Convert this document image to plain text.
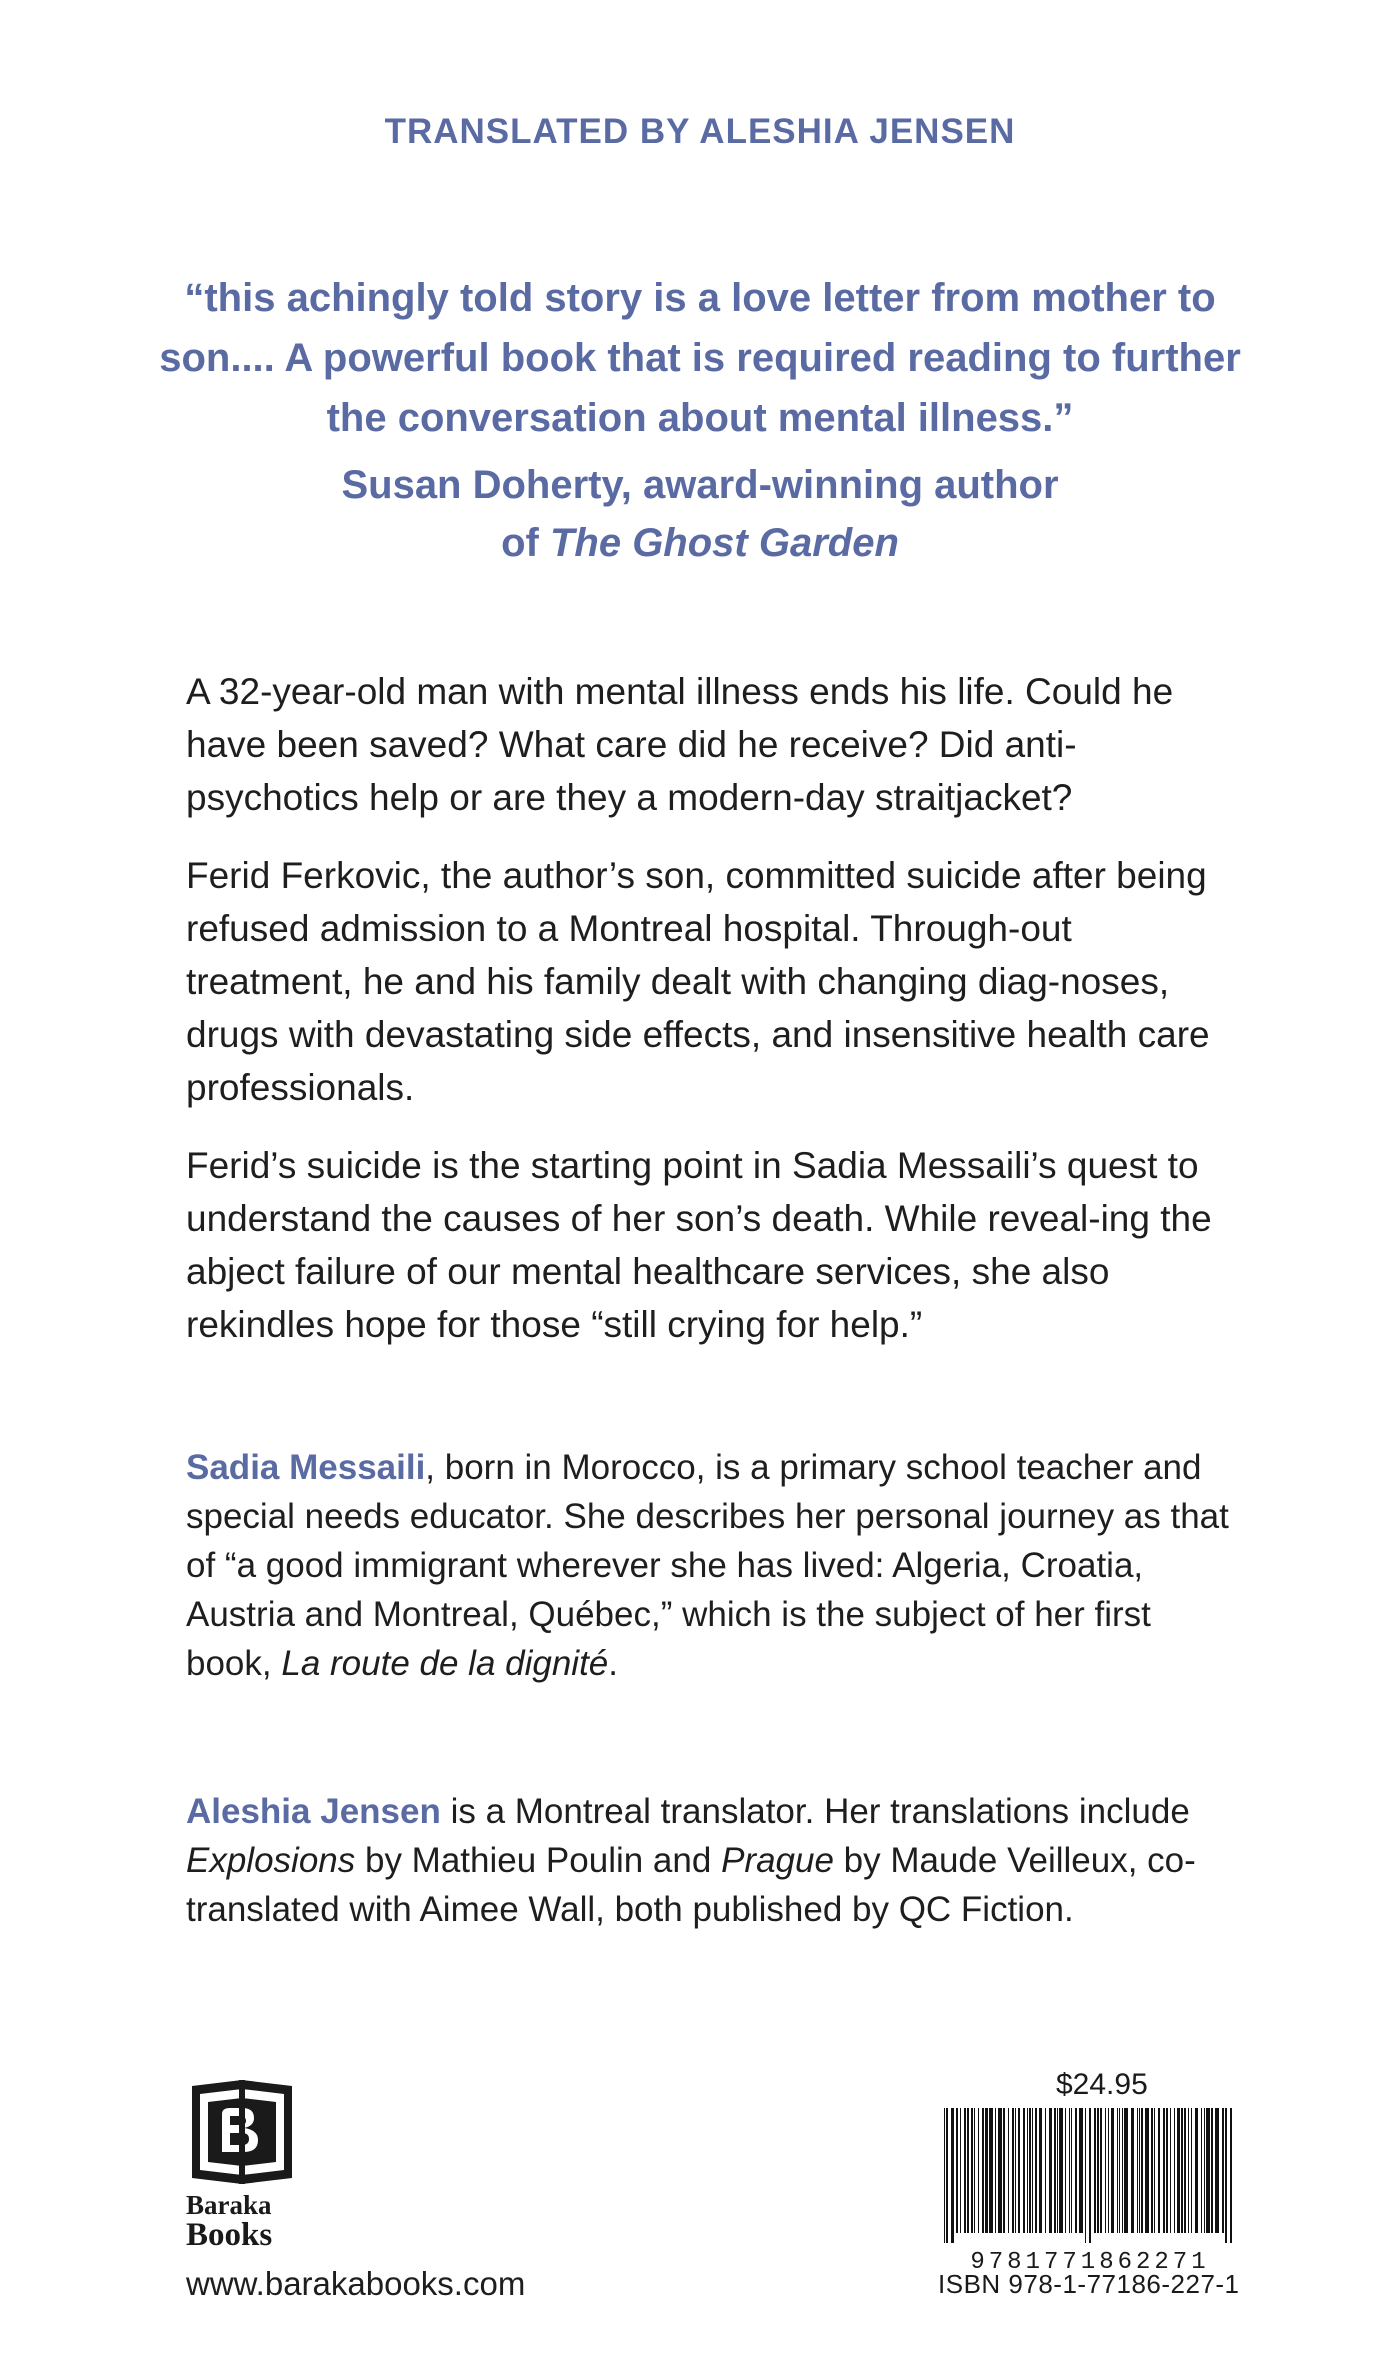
TRANSLATED BY ALESHIA JENSEN
“this achingly told story is a love letter from mother to son.... A powerful book that is required reading to further the conversation about mental illness.”
Susan Doherty, award-winning author
of The Ghost Garden

A 32-year-old man with mental illness ends his life. Could he have been saved? What care did he receive? Did anti-psychotics help or are they a modern-day straitjacket?

Ferid Ferkovic, the author’s son, committed suicide after being refused admission to a Montreal hospital. Through-out treatment, he and his family dealt with changing diag-noses, drugs with devastating side effects, and insensitive health care professionals.

Ferid’s suicide is the starting point in Sadia Messaili’s quest to understand the causes of her son’s death. While reveal-ing the abject failure of our mental healthcare services, she also rekindles hope for those “still crying for help.”

Sadia Messaili, born in Morocco, is a primary school teacher and special needs educator. She describes her personal journey as that of “a good immigrant wherever she has lived: Algeria, Croatia, Austria and Montreal, Québec,” which is the subject of her first book, La route de la dignité.

Aleshia Jensen is a Montreal translator. Her translations include Explosions by Mathieu Poulin and Prague by Maude Veilleux, co-translated with Aimee Wall, both published by QC Fiction.

Baraka
Books
www.barakabooks.com
$24.95
9781771862271
ISBN 978-1-77186-227-1
